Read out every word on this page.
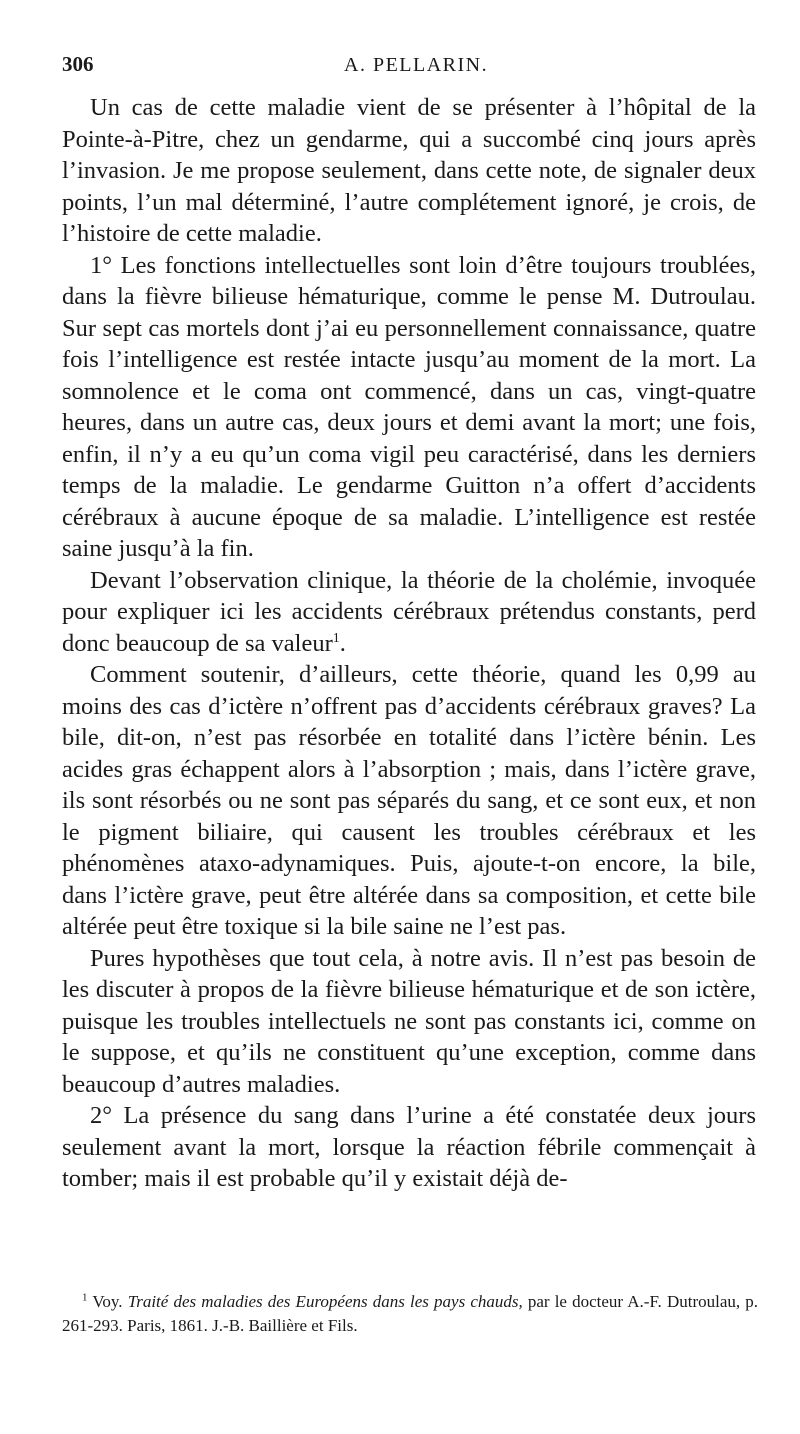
306	A. PELLARIN.

Un cas de cette maladie vient de se présenter à l’hôpital de la Pointe-à-Pitre, chez un gendarme, qui a succombé cinq jours après l’invasion. Je me propose seulement, dans cette note, de signaler deux points, l’un mal déterminé, l’autre complétement ignoré, je crois, de l’histoire de cette maladie.

1° Les fonctions intellectuelles sont loin d’être toujours troublées, dans la fièvre bilieuse hématurique, comme le pense M. Dutroulau. Sur sept cas mortels dont j’ai eu personnellement connaissance, quatre fois l’intelligence est restée intacte jusqu’au moment de la mort. La somnolence et le coma ont commencé, dans un cas, vingt-quatre heures, dans un autre cas, deux jours et demi avant la mort; une fois, enfin, il n’y a eu qu’un coma vigil peu caractérisé, dans les derniers temps de la maladie. Le gendarme Guitton n’a offert d’accidents cérébraux à aucune époque de sa maladie. L’intelligence est restée saine jusqu’à la fin.

Devant l’observation clinique, la théorie de la cholémie, invoquée pour expliquer ici les accidents cérébraux prétendus constants, perd donc beaucoup de sa valeur$^1$.

Comment soutenir, d’ailleurs, cette théorie, quand les 0,99 au moins des cas d’ictère n’offrent pas d’accidents cérébraux graves? La bile, dit-on, n’est pas résorbée en totalité dans l’ictère bénin. Les acides gras échappent alors à l’absorption ; mais, dans l’ictère grave, ils sont résorbés ou ne sont pas séparés du sang, et ce sont eux, et non le pigment biliaire, qui causent les troubles cérébraux et les phénomènes ataxo-adynamiques. Puis, ajoute-t-on encore, la bile, dans l’ictère grave, peut être altérée dans sa composition, et cette bile altérée peut être toxique si la bile saine ne l’est pas.

Pures hypothèses que tout cela, à notre avis. Il n’est pas besoin de les discuter à propos de la fièvre bilieuse hématurique et de son ictère, puisque les troubles intellectuels ne sont pas constants ici, comme on le suppose, et qu’ils ne constituent qu’une exception, comme dans beaucoup d’autres maladies.

2° La présence du sang dans l’urine a été constatée deux jours seulement avant la mort, lorsque la réaction fébrile commençait à tomber; mais il est probable qu’il y existait déjà de-

$^1$ Voy. Traité des maladies des Européens dans les pays chauds, par le docteur A.-F. Dutroulau, p. 261-293. Paris, 1861. J.-B. Baillière et Fils.
